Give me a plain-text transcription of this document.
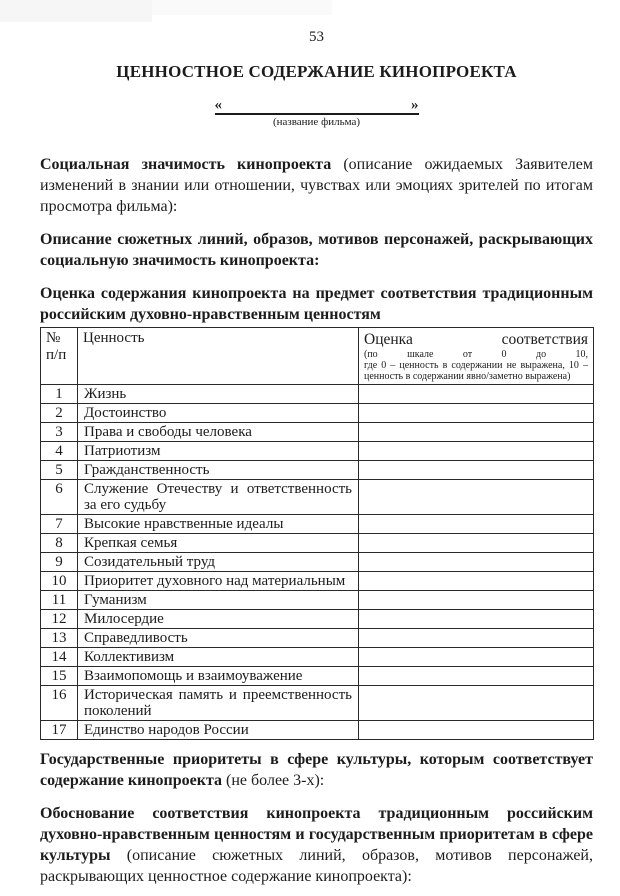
53
ЦЕННОСТНОЕ СОДЕРЖАНИЕ КИНОПРОЕКТА
«	»
(название фильма)

Социальная значимость кинопроекта (описание ожидаемых Заявителем изменений в знании или отношении, чувствах или эмоциях зрителей по итогам просмотра фильма):

Описание сюжетных линий, образов, мотивов персонажей, раскрывающих социальную значимость кинопроекта:

Оценка содержания кинопроекта на предмет соответствия традиционным российским духовно-нравственным ценностям

№ п/п	Ценность	Оценка соответствия
(по шкале от 0 до 10,
где 0 – ценность в содержании не выражена, 10 –
ценность в содержании явно/заметно выражена)

1	Жизнь	
2	Достоинство	
3	Права и свободы человека	
4	Патриотизм	
5	Гражданственность	
6	Служение Отечеству и ответственность за его судьбу	
7	Высокие нравственные идеалы	
8	Крепкая семья	
9	Созидательный труд	
10	Приоритет духовного над материальным	
11	Гуманизм	
12	Милосердие	
13	Справедливость	
14	Коллективизм	
15	Взаимопомощь и взаимоуважение	
16	Историческая память и преемственность поколений	
17	Единство народов России	

Государственные приоритеты в сфере культуры, которым соответствует содержание кинопроекта (не более 3-х):

Обоснование соответствия кинопроекта традиционным российским духовно-нравственным ценностям и государственным приоритетам в сфере культуры (описание сюжетных линий, образов, мотивов персонажей, раскрывающих ценностное содержание кинопроекта):
